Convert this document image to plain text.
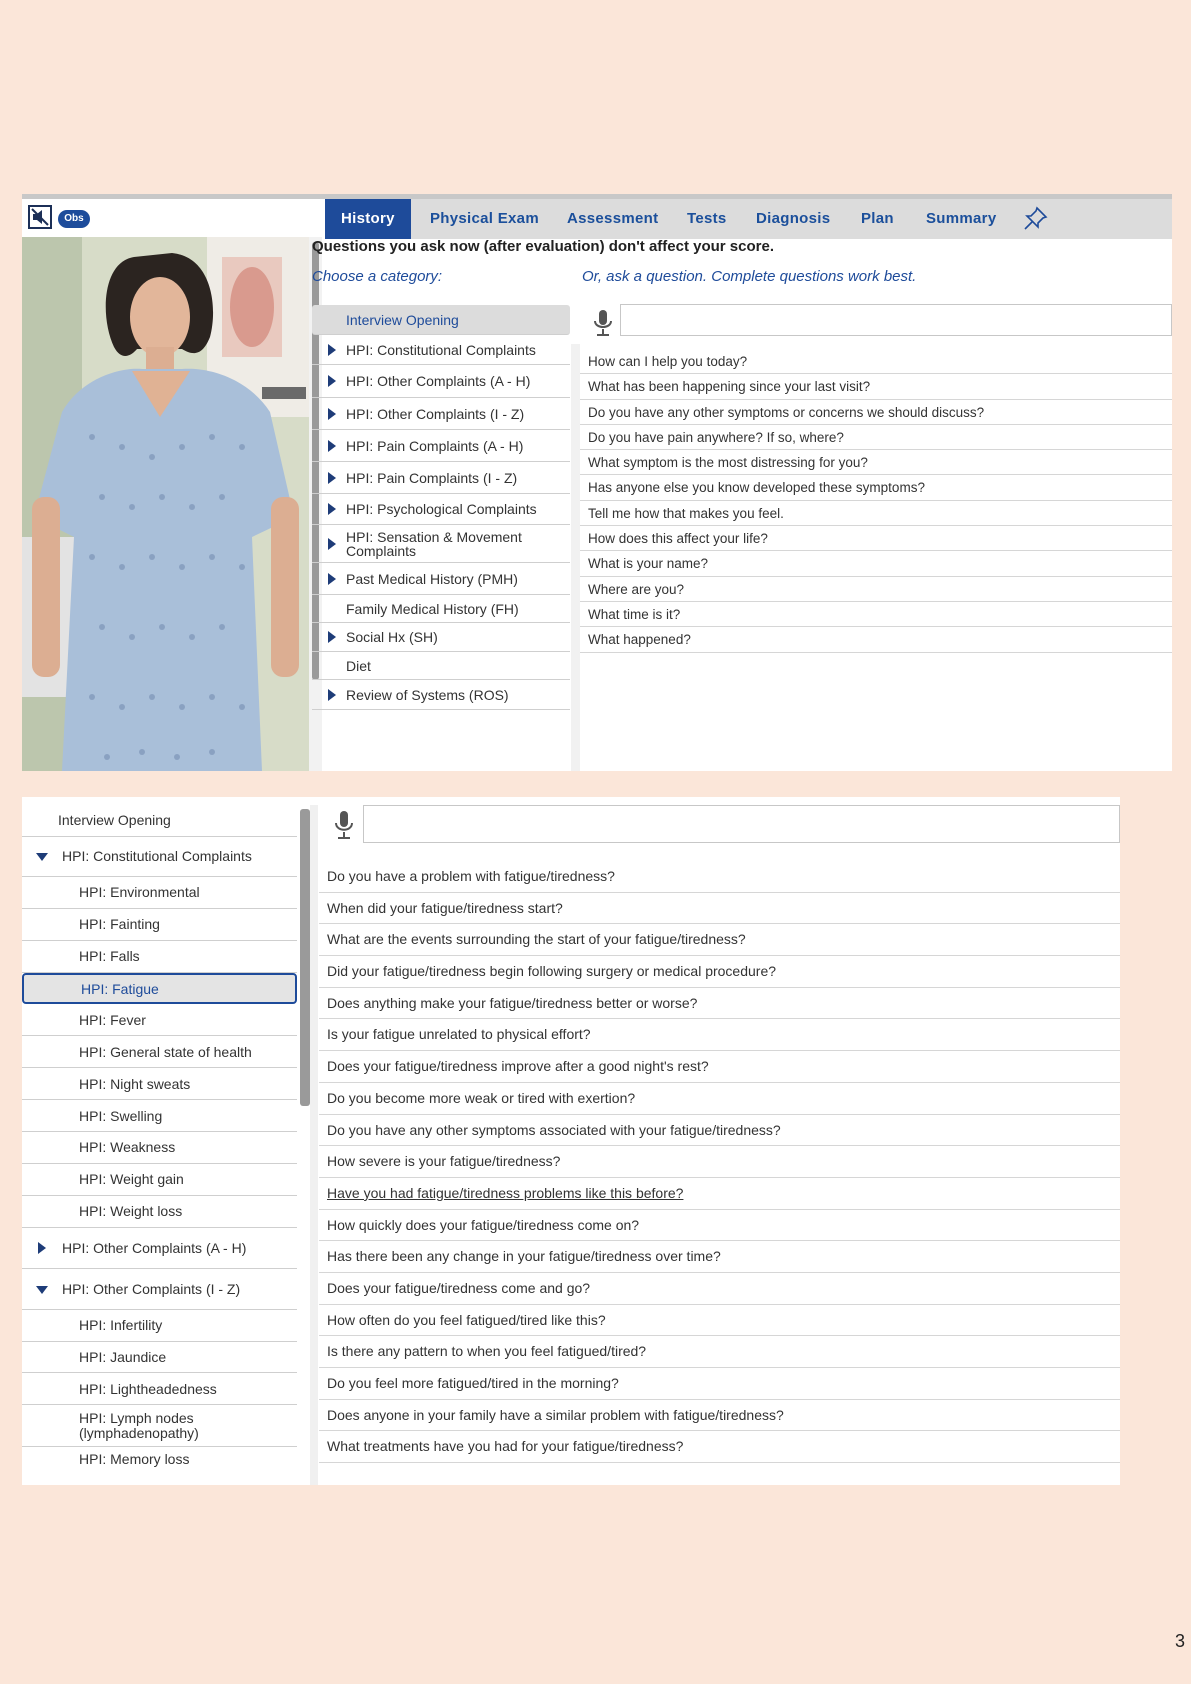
Obs	History	Physical Exam Assessment Tests Diagnosis Plan Summary
Questions you ask now (after evaluation) don't affect your score.
Choose a category:	Or, ask a question. Complete questions work best.
Interview Opening
HPI: Constitutional Complaints
HPI: Other Complaints (A - H)
HPI: Other Complaints (I - Z)
HPI: Pain Complaints (A - H)
HPI: Pain Complaints (I - Z)
HPI: Psychological Complaints
HPI: Sensation & Movement Complaints
Past Medical History (PMH)
Family Medical History (FH)
Social Hx (SH)
Diet
Review of Systems (ROS)
How can I help you today?
What has been happening since your last visit?
Do you have any other symptoms or concerns we should discuss?
Do you have pain anywhere? If so, where?
What symptom is the most distressing for you?
Has anyone else you know developed these symptoms?
Tell me how that makes you feel.
How does this affect your life?
What is your name?
Where are you?
What time is it?
What happened?
Interview Opening
HPI: Constitutional Complaints
HPI: Environmental
HPI: Fainting
HPI: Falls
HPI: Fatigue
HPI: Fever
HPI: General state of health
HPI: Night sweats
HPI: Swelling
HPI: Weakness
HPI: Weight gain
HPI: Weight loss
HPI: Other Complaints (A - H)
HPI: Other Complaints (I - Z)
HPI: Infertility
HPI: Jaundice
HPI: Lightheadedness
HPI: Lymph nodes (lymphadenopathy)
HPI: Memory loss
Do you have a problem with fatigue/tiredness?
When did your fatigue/tiredness start?
What are the events surrounding the start of your fatigue/tiredness?
Did your fatigue/tiredness begin following surgery or medical procedure?
Does anything make your fatigue/tiredness better or worse?
Is your fatigue unrelated to physical effort?
Does your fatigue/tiredness improve after a good night's rest?
Do you become more weak or tired with exertion?
Do you have any other symptoms associated with your fatigue/tiredness?
How severe is your fatigue/tiredness?
Have you had fatigue/tiredness problems like this before?
How quickly does your fatigue/tiredness come on?
Has there been any change in your fatigue/tiredness over time?
Does your fatigue/tiredness come and go?
How often do you feel fatigued/tired like this?
Is there any pattern to when you feel fatigued/tired?
Do you feel more fatigued/tired in the morning?
Does anyone in your family have a similar problem with fatigue/tiredness?
What treatments have you had for your fatigue/tiredness?
3
